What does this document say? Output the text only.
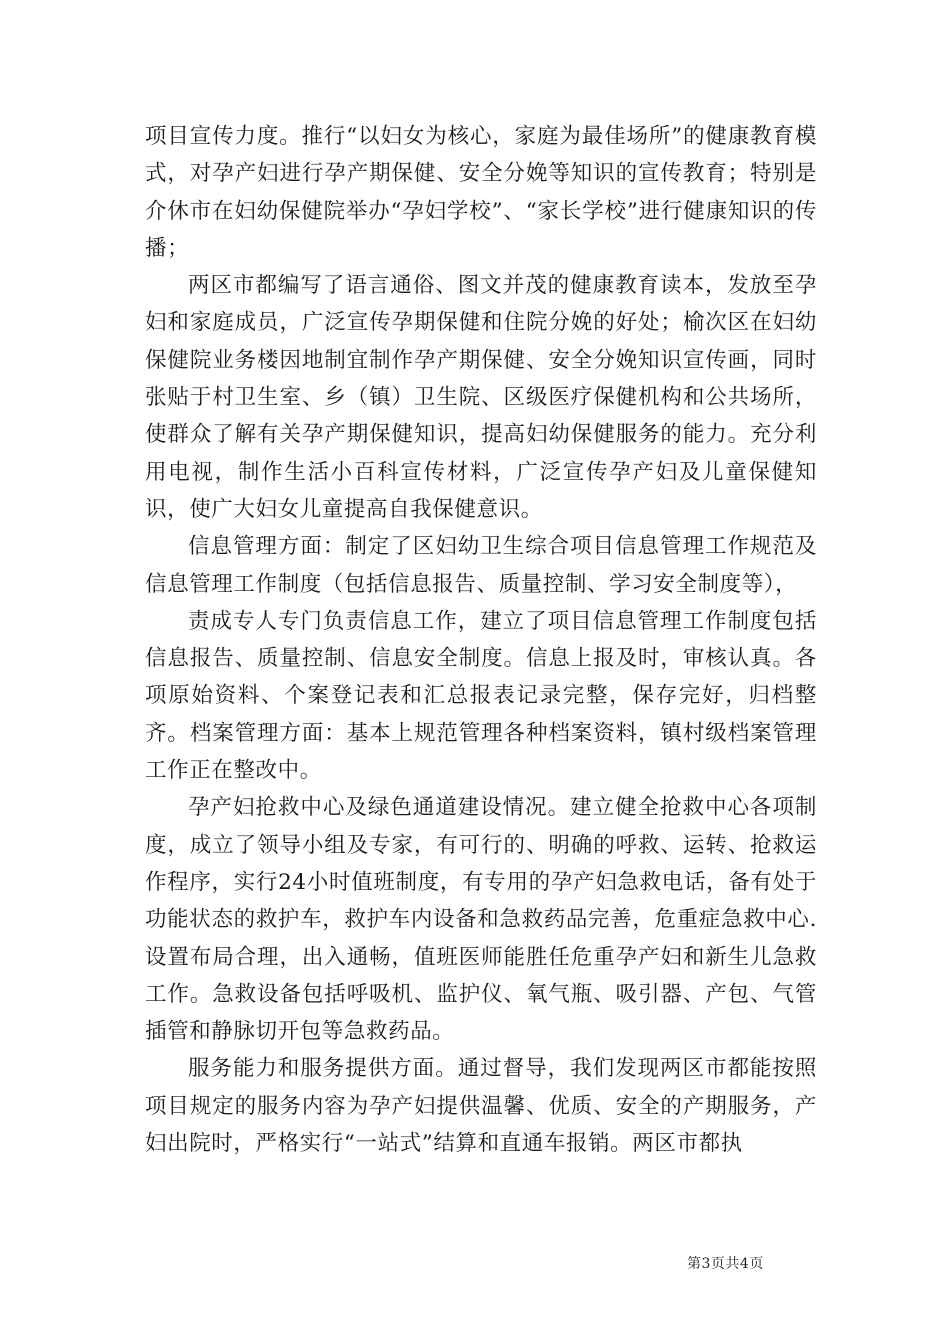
项目宣传力度。推行“以妇女为核心，家庭为最佳场所”的健康教育模式，对孕产妇进行孕产期保健、安全分娩等知识的宣传教育；特别是介休市在妇幼保健院举办“孕妇学校”、“家长学校”进行健康知识的传播；

两区市都编写了语言通俗、图文并茂的健康教育读本，发放至孕妇和家庭成员，广泛宣传孕期保健和住院分娩的好处；榆次区在妇幼保健院业务楼因地制宜制作孕产期保健、安全分娩知识宣传画，同时张贴于村卫生室、乡（镇）卫生院、区级医疗保健机构和公共场所，使群众了解有关孕产期保健知识，提高妇幼保健服务的能力。充分利用电视，制作生活小百科宣传材料，广泛宣传孕产妇及儿童保健知识，使广大妇女儿童提高自我保健意识。

信息管理方面：制定了区妇幼卫生综合项目信息管理工作规范及信息管理工作制度（包括信息报告、质量控制、学习安全制度等），

责成专人专门负责信息工作，建立了项目信息管理工作制度包括信息报告、质量控制、信息安全制度。信息上报及时，审核认真。各项原始资料、个案登记表和汇总报表记录完整，保存完好，归档整齐。档案管理方面：基本上规范管理各种档案资料，镇村级档案管理工作正在整改中。

孕产妇抢救中心及绿色通道建设情况。建立健全抢救中心各项制度，成立了领导小组及专家，有可行的、明确的呼救、运转、抢救运作程序，实行24小时值班制度，有专用的孕产妇急救电话，备有处于功能状态的救护车，救护车内设备和急救药品完善，危重症急救中心.设置布局合理，出入通畅，值班医师能胜任危重孕产妇和新生儿急救工作。急救设备包括呼吸机、监护仪、氧气瓶、吸引器、产包、气管插管和静脉切开包等急救药品。

服务能力和服务提供方面。通过督导，我们发现两区市都能按照项目规定的服务内容为孕产妇提供温馨、优质、安全的产期服务，产妇出院时，严格实行“一站式”结算和直通车报销。两区市都执

第3页共4页
